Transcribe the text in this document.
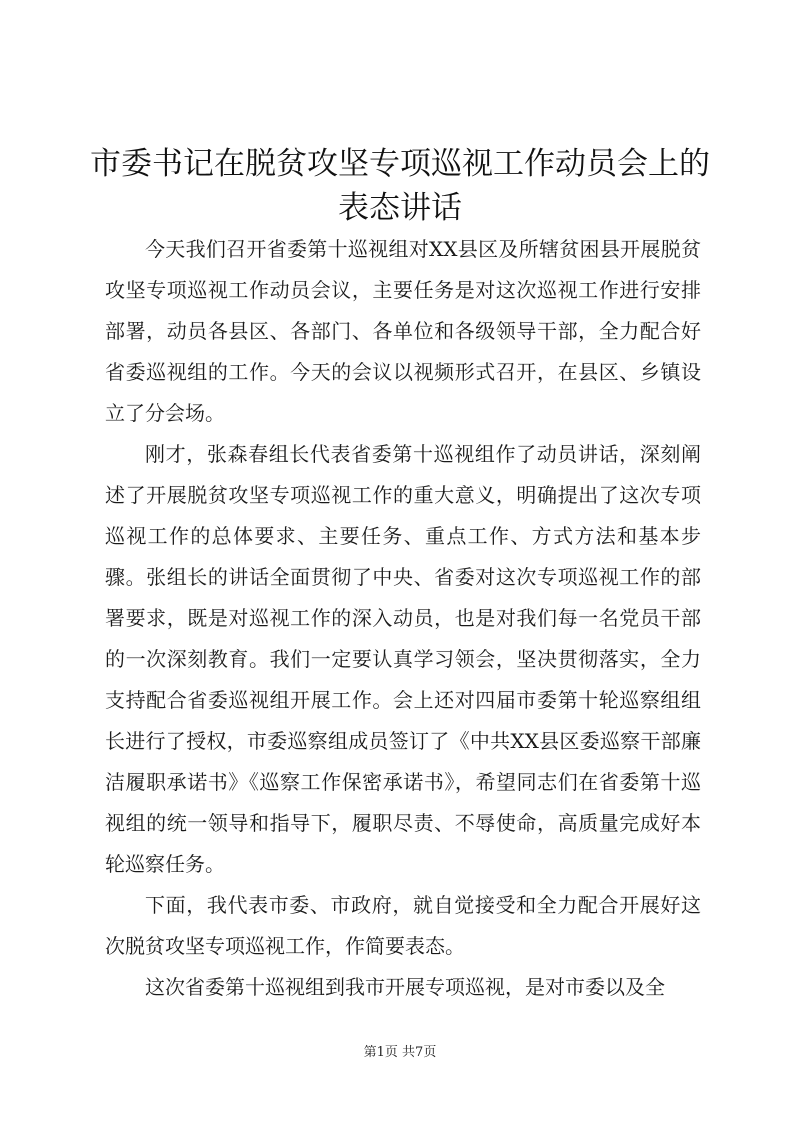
市委书记在脱贫攻坚专项巡视工作动员会上的
表态讲话

今天我们召开省委第十巡视组对XX县区及所辖贫困县开展脱贫攻坚专项巡视工作动员会议，主要任务是对这次巡视工作进行安排部署，动员各县区、各部门、各单位和各级领导干部，全力配合好省委巡视组的工作。今天的会议以视频形式召开，在县区、乡镇设立了分会场。

刚才，张森春组长代表省委第十巡视组作了动员讲话，深刻阐述了开展脱贫攻坚专项巡视工作的重大意义，明确提出了这次专项巡视工作的总体要求、主要任务、重点工作、方式方法和基本步骤。张组长的讲话全面贯彻了中央、省委对这次专项巡视工作的部署要求，既是对巡视工作的深入动员，也是对我们每一名党员干部的一次深刻教育。我们一定要认真学习领会，坚决贯彻落实，全力支持配合省委巡视组开展工作。会上还对四届市委第十轮巡察组组长进行了授权，市委巡察组成员签订了《中共XX县区委巡察干部廉洁履职承诺书》《巡察工作保密承诺书》，希望同志们在省委第十巡视组的统一领导和指导下，履职尽责、不辱使命，高质量完成好本轮巡察任务。

下面，我代表市委、市政府，就自觉接受和全力配合开展好这次脱贫攻坚专项巡视工作，作简要表态。

这次省委第十巡视组到我市开展专项巡视，是对市委以及全

第1页 共7页
